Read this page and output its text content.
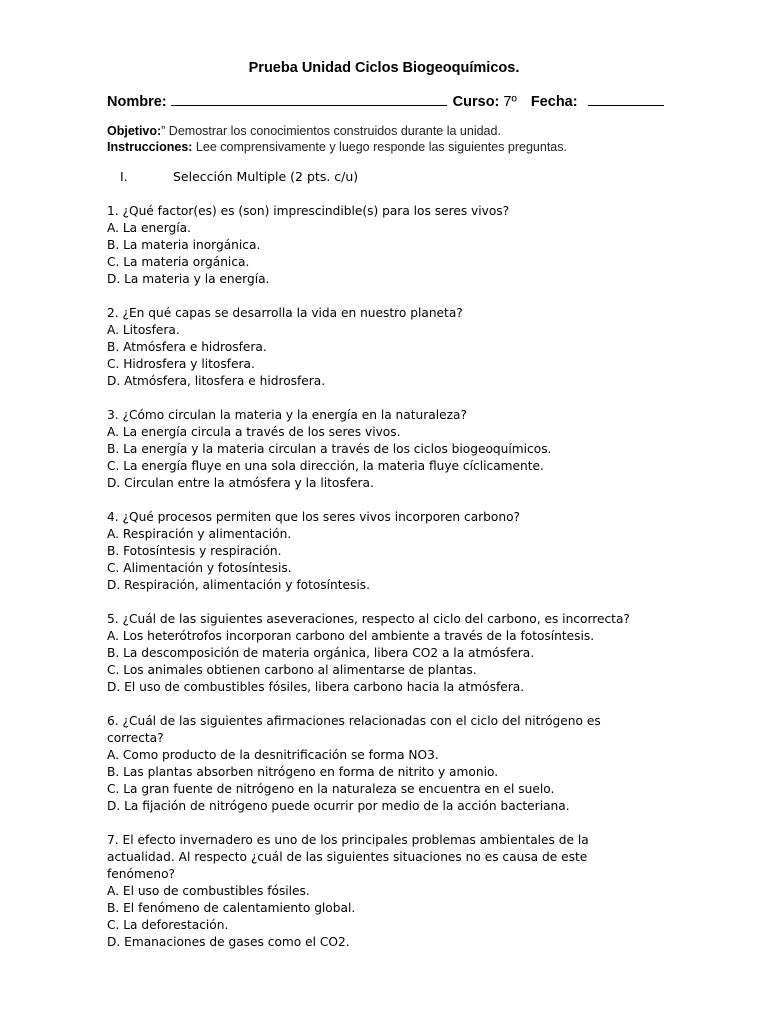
Prueba Unidad Ciclos Biogeoquímicos.
Nombre:	Curso: 7º Fecha:
Objetivo:” Demostrar los conocimientos construidos durante la unidad.
Instrucciones: Lee comprensivamente y luego responde las siguientes preguntas.
I.	Selección Multiple (2 pts. c/u)
1. ¿Qué factor(es) es (son) imprescindible(s) para los seres vivos?
A. La energía.
B. La materia inorgánica.
C. La materia orgánica.
D. La materia y la energía.
2. ¿En qué capas se desarrolla la vida en nuestro planeta?
A. Litosfera.
B. Atmósfera e hidrosfera.
C. Hidrosfera y litosfera.
D. Atmósfera, litosfera e hidrosfera.
3. ¿Cómo circulan la materia y la energía en la naturaleza?
A. La energía circula a través de los seres vivos.
B. La energía y la materia circulan a través de los ciclos biogeoquímicos.
C. La energía fluye en una sola dirección, la materia fluye cíclicamente.
D. Circulan entre la atmósfera y la litosfera.
4. ¿Qué procesos permiten que los seres vivos incorporen carbono?
A. Respiración y alimentación.
B. Fotosíntesis y respiración.
C. Alimentación y fotosíntesis.
D. Respiración, alimentación y fotosíntesis.
5. ¿Cuál de las siguientes aseveraciones, respecto al ciclo del carbono, es incorrecta?
A. Los heterótrofos incorporan carbono del ambiente a través de la fotosíntesis.
B. La descomposición de materia orgánica, libera CO2 a la atmósfera.
C. Los animales obtienen carbono al alimentarse de plantas.
D. El uso de combustibles fósiles, libera carbono hacia la atmósfera.
6. ¿Cuál de las siguientes afirmaciones relacionadas con el ciclo del nitrógeno es correcta?
A. Como producto de la desnitrificación se forma NO3.
B. Las plantas absorben nitrógeno en forma de nitrito y amonio.
C. La gran fuente de nitrógeno en la naturaleza se encuentra en el suelo.
D. La fijación de nitrógeno puede ocurrir por medio de la acción bacteriana.
7. El efecto invernadero es uno de los principales problemas ambientales de la actualidad. Al respecto ¿cuál de las siguientes situaciones no es causa de este fenómeno?
A. El uso de combustibles fósiles.
B. El fenómeno de calentamiento global.
C. La deforestación.
D. Emanaciones de gases como el CO2.
